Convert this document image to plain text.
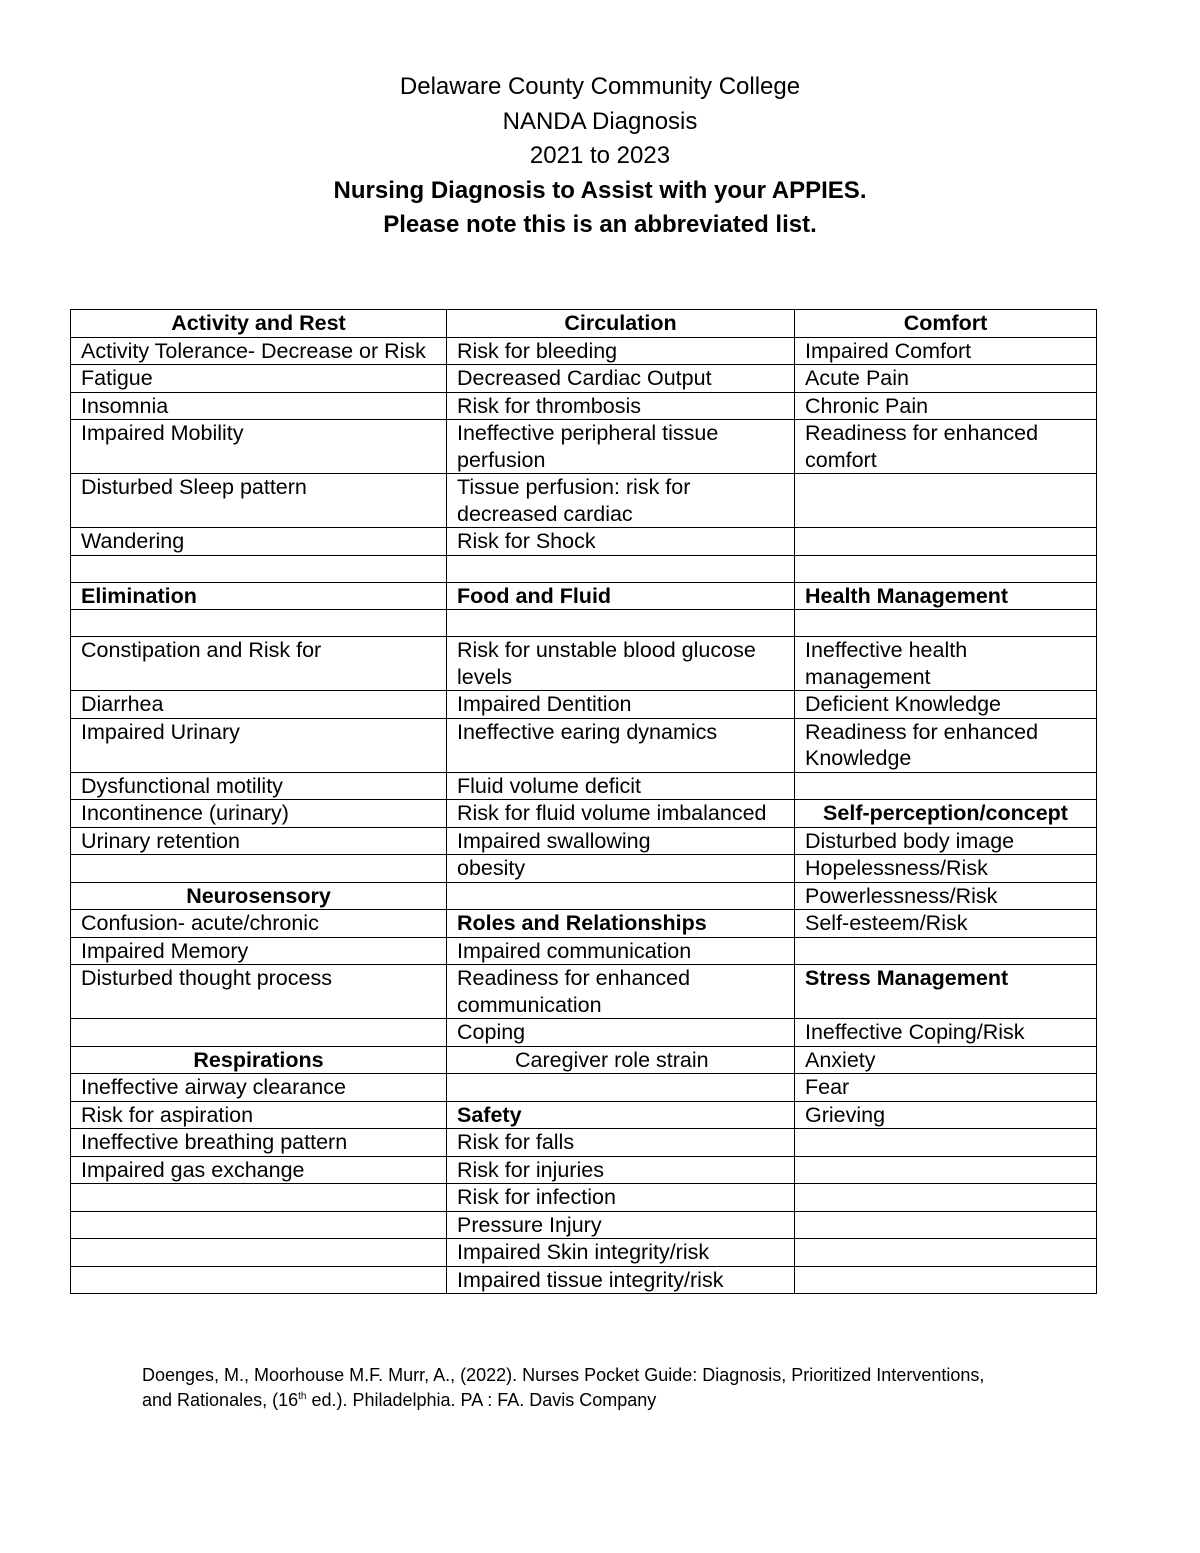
Delaware County Community College
NANDA Diagnosis
2021 to 2023
Nursing Diagnosis to Assist with your APPIES.
Please note this is an abbreviated list.
Activity and Rest	Circulation	Comfort
Activity Tolerance- Decrease or Risk	Risk for bleeding	Impaired Comfort
Fatigue	Decreased Cardiac Output	Acute Pain
Insomnia	Risk for thrombosis	Chronic Pain
Impaired Mobility	Ineffective peripheral tissue perfusion	Readiness for enhanced comfort
Disturbed Sleep pattern	Tissue perfusion: risk for decreased cardiac	
Wandering	Risk for Shock	

Elimination	Food and Fluid	Health Management

Constipation and Risk for	Risk for unstable blood glucose levels	Ineffective health management
Diarrhea	Impaired Dentition	Deficient Knowledge
Impaired Urinary	Ineffective earing dynamics	Readiness for enhanced Knowledge
Dysfunctional motility	Fluid volume deficit	
Incontinence (urinary)	Risk for fluid volume imbalanced	Self-perception/concept
Urinary retention	Impaired swallowing	Disturbed body image
	obesity	Hopelessness/Risk
Neurosensory		Powerlessness/Risk
Confusion- acute/chronic	Roles and Relationships	Self-esteem/Risk
Impaired Memory	Impaired communication	
Disturbed thought process	Readiness for enhanced communication	Stress Management
	Coping	Ineffective Coping/Risk
Respirations	Caregiver role strain	Anxiety
Ineffective airway clearance		Fear
Risk for aspiration	Safety	Grieving
Ineffective breathing pattern	Risk for falls	
Impaired gas exchange	Risk for injuries	
	Risk for infection	
	Pressure Injury	
	Impaired Skin integrity/risk	
	Impaired tissue integrity/risk	
Doenges, M., Moorhouse M.F. Murr, A., (2022). Nurses Pocket Guide: Diagnosis, Prioritized Interventions,
and Rationales, (16th ed.). Philadelphia. PA : FA. Davis Company
